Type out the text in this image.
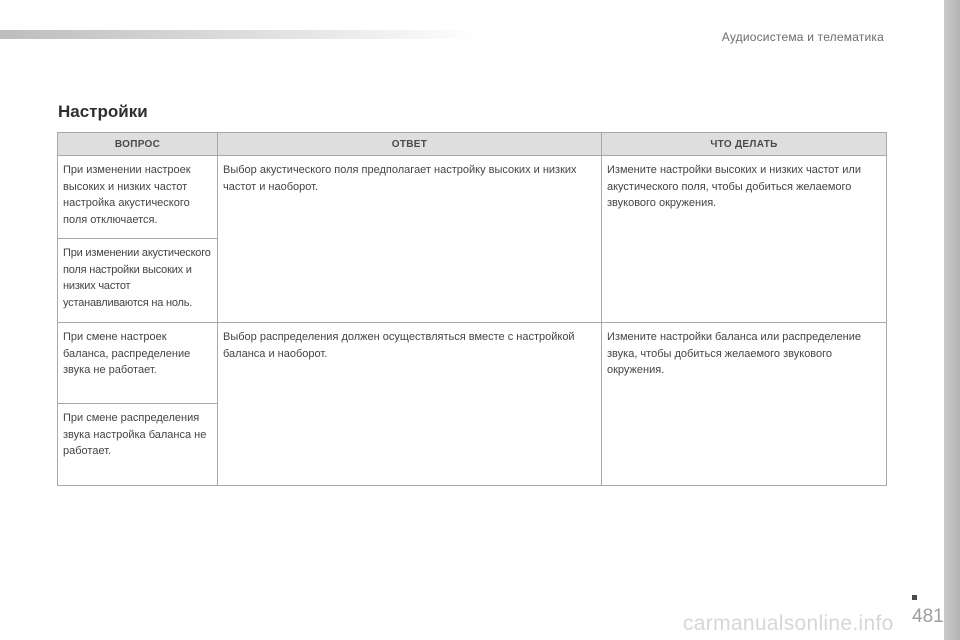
Аудиосистема и телематика
Настройки
ВОПРОС	ОТВЕТ	ЧТО ДЕЛАТЬ
При изменении настроек высоких и низких частот настройка акустического поля отключается.	Выбор акустического поля предполагает настройку высоких и низких частот и наоборот.	Измените настройки высоких и низких частот или акустического поля, чтобы добиться желаемого звукового окружения.
При изменении акустического поля настройки высоких и низких частот устанавливаются на ноль.		
При смене настроек баланса, распределение звука не работает.	Выбор распределения должен осуществляться вместе с настройкой баланса и наоборот.	Измените настройки баланса или распределение звука, чтобы добиться желаемого звукового окружения.
При смене распределения звука настройка баланса не работает.		
481
carmanualsonline.info
